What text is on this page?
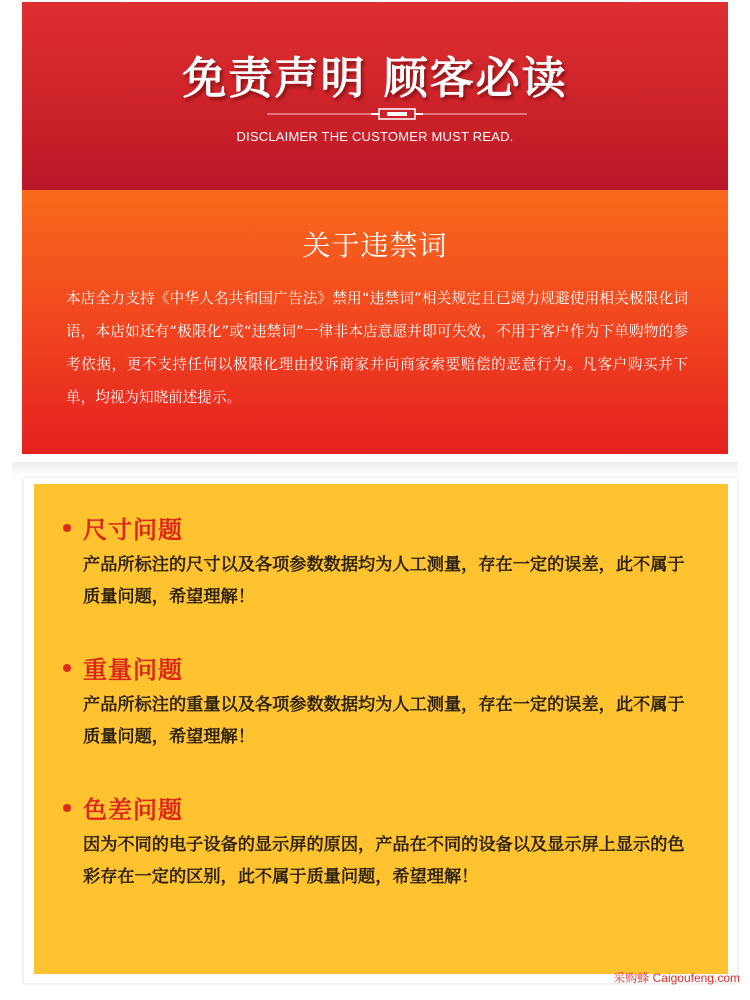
免责声明 顾客必读
DISCLAIMER THE CUSTOMER MUST READ.
关于违禁词
本店全力支持《中华人名共和国广告法》禁用“违禁词”相关规定且已竭力规避使用相关极限化词语，本店如还有“极限化”或“违禁词”一律非本店意愿并即可失效，不用于客户作为下单购物的参考依据，更不支持任何以极限化理由投诉商家并向商家索要赔偿的恶意行为。凡客户购买并下单，均视为知晓前述提示。
尺寸问题
产品所标注的尺寸以及各项参数数据均为人工测量，存在一定的误差，此不属于质量问题，希望理解！
重量问题
产品所标注的重量以及各项参数数据均为人工测量，存在一定的误差，此不属于质量问题，希望理解！
色差问题
因为不同的电子设备的显示屏的原因，产品在不同的设备以及显示屏上显示的色彩存在一定的区别，此不属于质量问题，希望理解！
采购蜂 Caigoufeng.com
